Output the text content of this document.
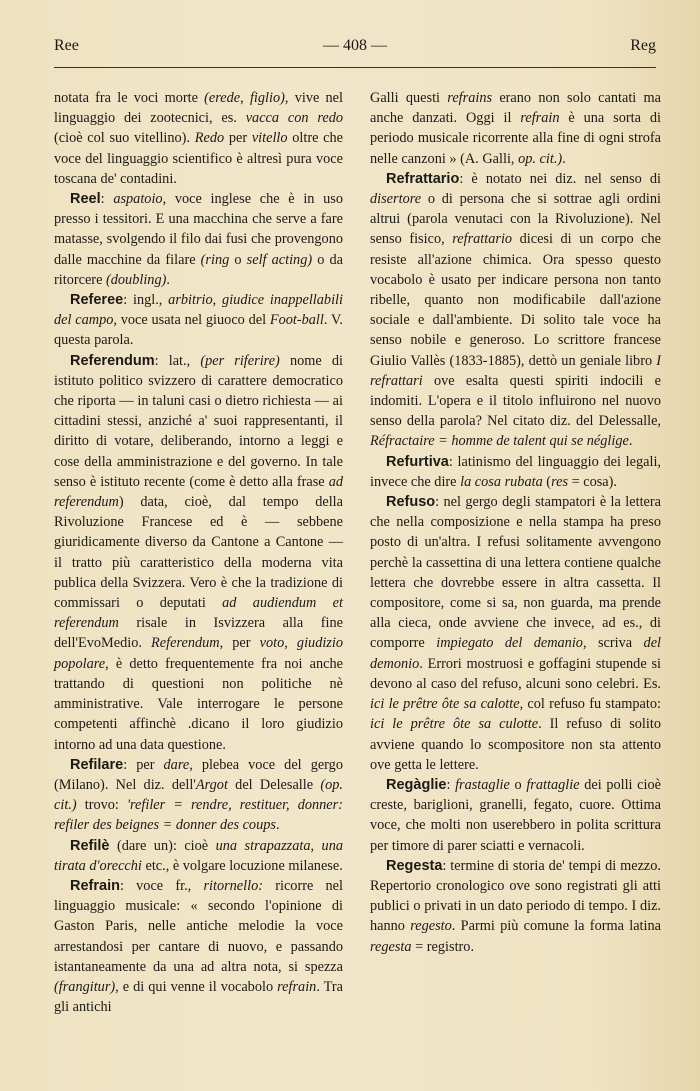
Ree	— 408 —	Reg

notata fra le voci morte (erede, figlio), vive nel linguaggio dei zootecnici, es. vacca con redo (cioè col suo vitellino). Redo per vitello oltre che voce del linguaggio scientifico è altresì pura voce toscana de' contadini.

Reel: aspatoio, voce inglese che è in uso presso i tessitori. E una macchina che serve a fare matasse, svolgendo il filo dai fusi che provengono dalle macchine da filare (ring o self acting) o da ritorcere (doubling).

Referee: ingl., arbitrio, giudice inappellabili del campo, voce usata nel giuoco del Foot-ball. V. questa parola.

Referendum: lat., (per riferire) nome di istituto politico svizzero di carattere democratico che riporta — in taluni casi o dietro richiesta — ai cittadini stessi, anziché a' suoi rappresentanti, il diritto di votare, deliberando, intorno a leggi e cose della amministrazione e del governo. In tale senso è istituto recente (come è detto alla frase ad referendum) data, cioè, dal tempo della Rivoluzione Francese ed è — sebbene giuridicamente diverso da Cantone a Cantone — il tratto più caratteristico della moderna vita publica della Svizzera. Vero è che la tradizione di commissari o deputati ad audiendum et referendum risale in Isvizzera alla fine dell'EvoMedio. Referendum, per voto, giudizio popolare, è detto frequentemente fra noi anche trattando di questioni non politiche nè amministrative. Vale interrogare le persone competenti affinchè .dicano il loro giudizio intorno ad una data questione.

Refilare: per dare, plebea voce del gergo (Milano). Nel diz. dell'Argot del Delesalle (op. cit.) trovo: 'refiler = rendre, restituer, donner: refiler des beignes = donner des coups.

Refilè (dare un): cioè una strapazzata, una tirata d'orecchi etc., è volgare locuzione milanese.

Refrain: voce fr., ritornello: ricorre nel linguaggio musicale: « secondo l'opinione di Gaston Paris, nelle antiche melodie la voce arrestandosi per cantare di nuovo, e passando istantaneamente da una ad altra nota, si spezza (frangitur), e di qui venne il vocabolo refrain. Tra gli antichi

Galli questi refrains erano non solo cantati ma anche danzati. Oggi il refrain è una sorta di periodo musicale ricorrente alla fine di ogni strofa nelle canzoni » (A. Galli, op. cit.).

Refrattario: è notato nei diz. nel senso di disertore o di persona che si sottrae agli ordini altrui (parola venutaci con la Rivoluzione). Nel senso fisico, refrattario dicesi di un corpo che resiste all'azione chimica. Ora spesso questo vocabolo è usato per indicare persona non tanto ribelle, quanto non modificabile dall'azione sociale e dall'ambiente. Di solito tale voce ha senso nobile e generoso. Lo scrittore francese Giulio Vallès (1833-1885), dettò un geniale libro I refrattari ove esalta questi spiriti indocili e indomiti. L'opera e il titolo influirono nel nuovo senso della parola? Nel citato diz. del Delessalle, Réfractaire = homme de talent qui se néglige.

Refurtiva: latinismo del linguaggio dei legali, invece che dire la cosa rubata (res = cosa).

Refuso: nel gergo degli stampatori è la lettera che nella composizione e nella stampa ha preso posto di un'altra. I refusi solitamente avvengono perchè la cassettina di una lettera contiene qualche lettera che dovrebbe essere in altra cassetta. Il compositore, come si sa, non guarda, ma prende alla cieca, onde avviene che invece, ad es., di comporre impiegato del demanio, scriva del demonio. Errori mostruosi e goffagini stupende si devono al caso del refuso, alcuni sono celebri. Es. ici le prêtre ôte sa calotte, col refuso fu stampato: ici le prêtre ôte sa culotte. Il refuso di solito avviene quando lo scompositore non sta attento ove getta le lettere.

Regàglie: frastaglie o frattaglie dei polli cioè creste, bariglioni, granelli, fegato, cuore. Ottima voce, che molti non userebbero in polita scrittura per timore di parer sciatti e vernacoli.

Regesta: termine di storia de' tempi di mezzo. Repertorio cronologico ove sono registrati gli atti publici o privati in un dato periodo di tempo. I diz. hanno regesto. Parmi più comune la forma latina regesta = registro.
